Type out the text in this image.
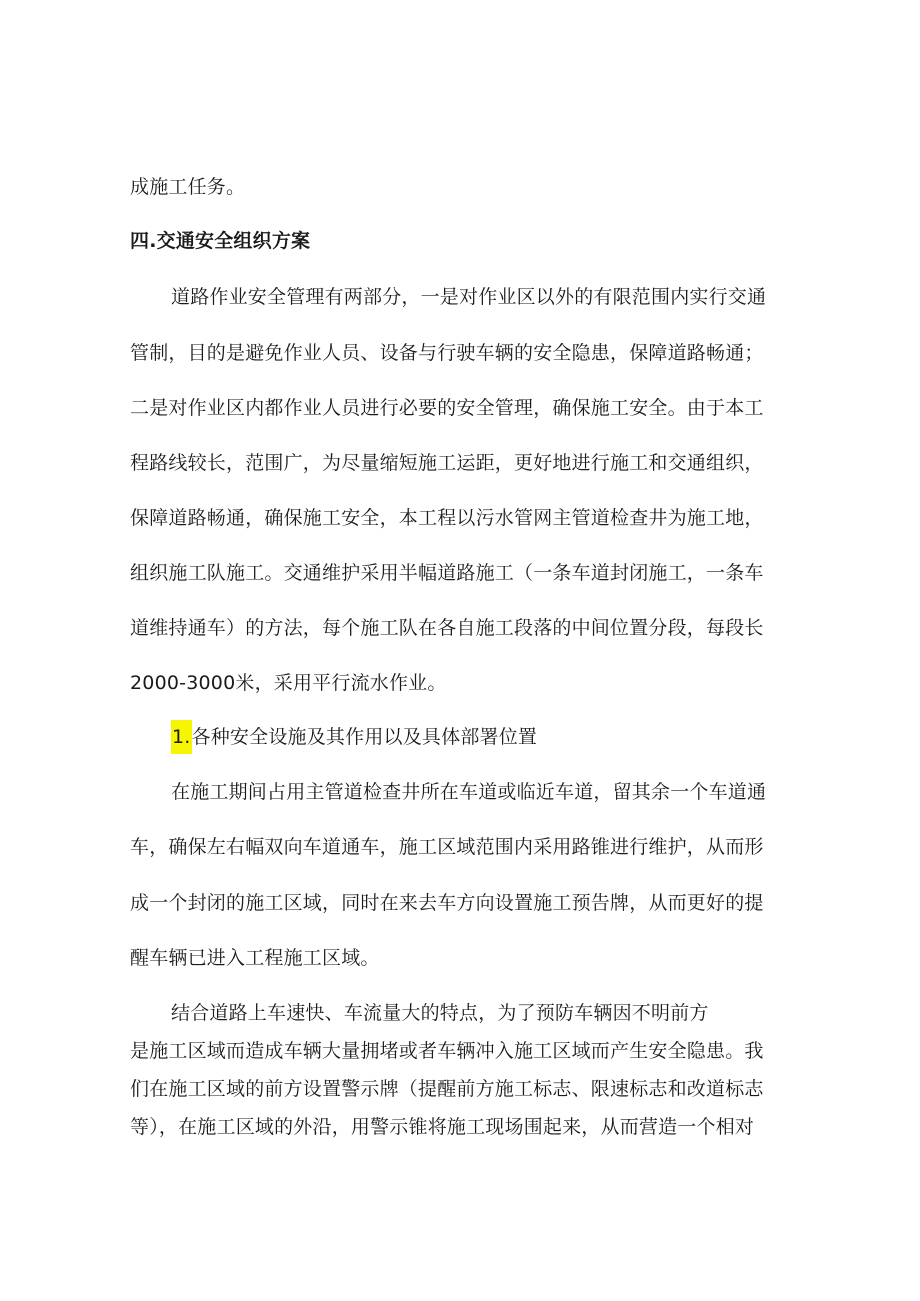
成施工任务。
四.交通安全组织方案
道路作业安全管理有两部分，一是对作业区以外的有限范围内实行交通
管制，目的是避免作业人员、设备与行驶车辆的安全隐患，保障道路畅通；
二是对作业区内都作业人员进行必要的安全管理，确保施工安全。由于本工
程路线较长，范围广，为尽量缩短施工运距，更好地进行施工和交通组织，
保障道路畅通，确保施工安全，本工程以污水管网主管道检查井为施工地，
组织施工队施工。交通维护采用半幅道路施工（一条车道封闭施工，一条车
道维持通车）的方法，每个施工队在各自施工段落的中间位置分段，每段长
2000-3000米，采用平行流水作业。
1.各种安全设施及其作用以及具体部署位置
在施工期间占用主管道检查井所在车道或临近车道，留其余一个车道通
车，确保左右幅双向车道通车，施工区域范围内采用路锥进行维护，从而形
成一个封闭的施工区域，同时在来去车方向设置施工预告牌，从而更好的提
醒车辆已进入工程施工区域。
结合道路上车速快、车流量大的特点，为了预防车辆因不明前方
是施工区域而造成车辆大量拥堵或者车辆冲入施工区域而产生安全隐患。我
们在施工区域的前方设置警示牌（提醒前方施工标志、限速标志和改道标志
等），在施工区域的外沿，用警示锥将施工现场围起来，从而营造一个相对
